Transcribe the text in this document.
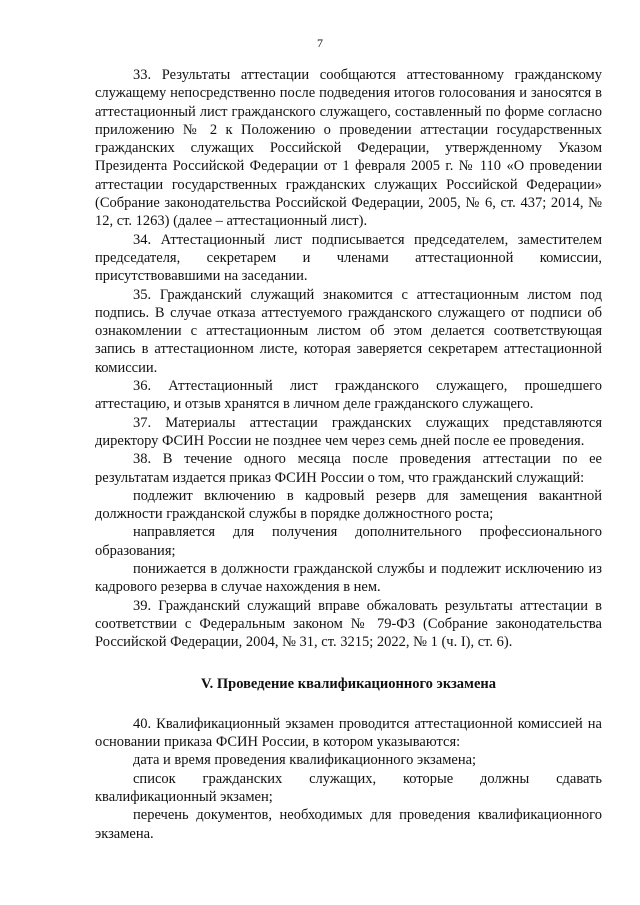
7

33. Результаты аттестации сообщаются аттестованному гражданскому служащему непосредственно после подведения итогов голосования и заносятся в аттестационный лист гражданского служащего, составленный по форме согласно приложению № 2 к Положению о проведении аттестации государственных гражданских служащих Российской Федерации, утвержденному Указом Президента Российской Федерации от 1 февраля 2005 г. № 110 «О проведении аттестации государственных гражданских служащих Российской Федерации» (Собрание законодательства Российской Федерации, 2005, № 6, ст. 437; 2014, № 12, ст. 1263) (далее – аттестационный лист).

34. Аттестационный лист подписывается председателем, заместителем председателя, секретарем и членами аттестационной комиссии, присутствовавшими на заседании.

35. Гражданский служащий знакомится с аттестационным листом под подпись. В случае отказа аттестуемого гражданского служащего от подписи об ознакомлении с аттестационным листом об этом делается соответствующая запись в аттестационном листе, которая заверяется секретарем аттестационной комиссии.

36. Аттестационный лист гражданского служащего, прошедшего аттестацию, и отзыв хранятся в личном деле гражданского служащего.

37. Материалы аттестации гражданских служащих представляются директору ФСИН России не позднее чем через семь дней после ее проведения.

38. В течение одного месяца после проведения аттестации по ее результатам издается приказ ФСИН России о том, что гражданский служащий:

подлежит включению в кадровый резерв для замещения вакантной должности гражданской службы в порядке должностного роста;

направляется для получения дополнительного профессионального образования;

понижается в должности гражданской службы и подлежит исключению из кадрового резерва в случае нахождения в нем.

39. Гражданский служащий вправе обжаловать результаты аттестации в соответствии с Федеральным законом № 79-ФЗ (Собрание законодательства Российской Федерации, 2004, № 31, ст. 3215; 2022, № 1 (ч. I), ст. 6).

V. Проведение квалификационного экзамена

40. Квалификационный экзамен проводится аттестационной комиссией на основании приказа ФСИН России, в котором указываются:

дата и время проведения квалификационного экзамена;

список гражданских служащих, которые должны сдавать квалификационный экзамен;

перечень документов, необходимых для проведения квалификационного экзамена.
